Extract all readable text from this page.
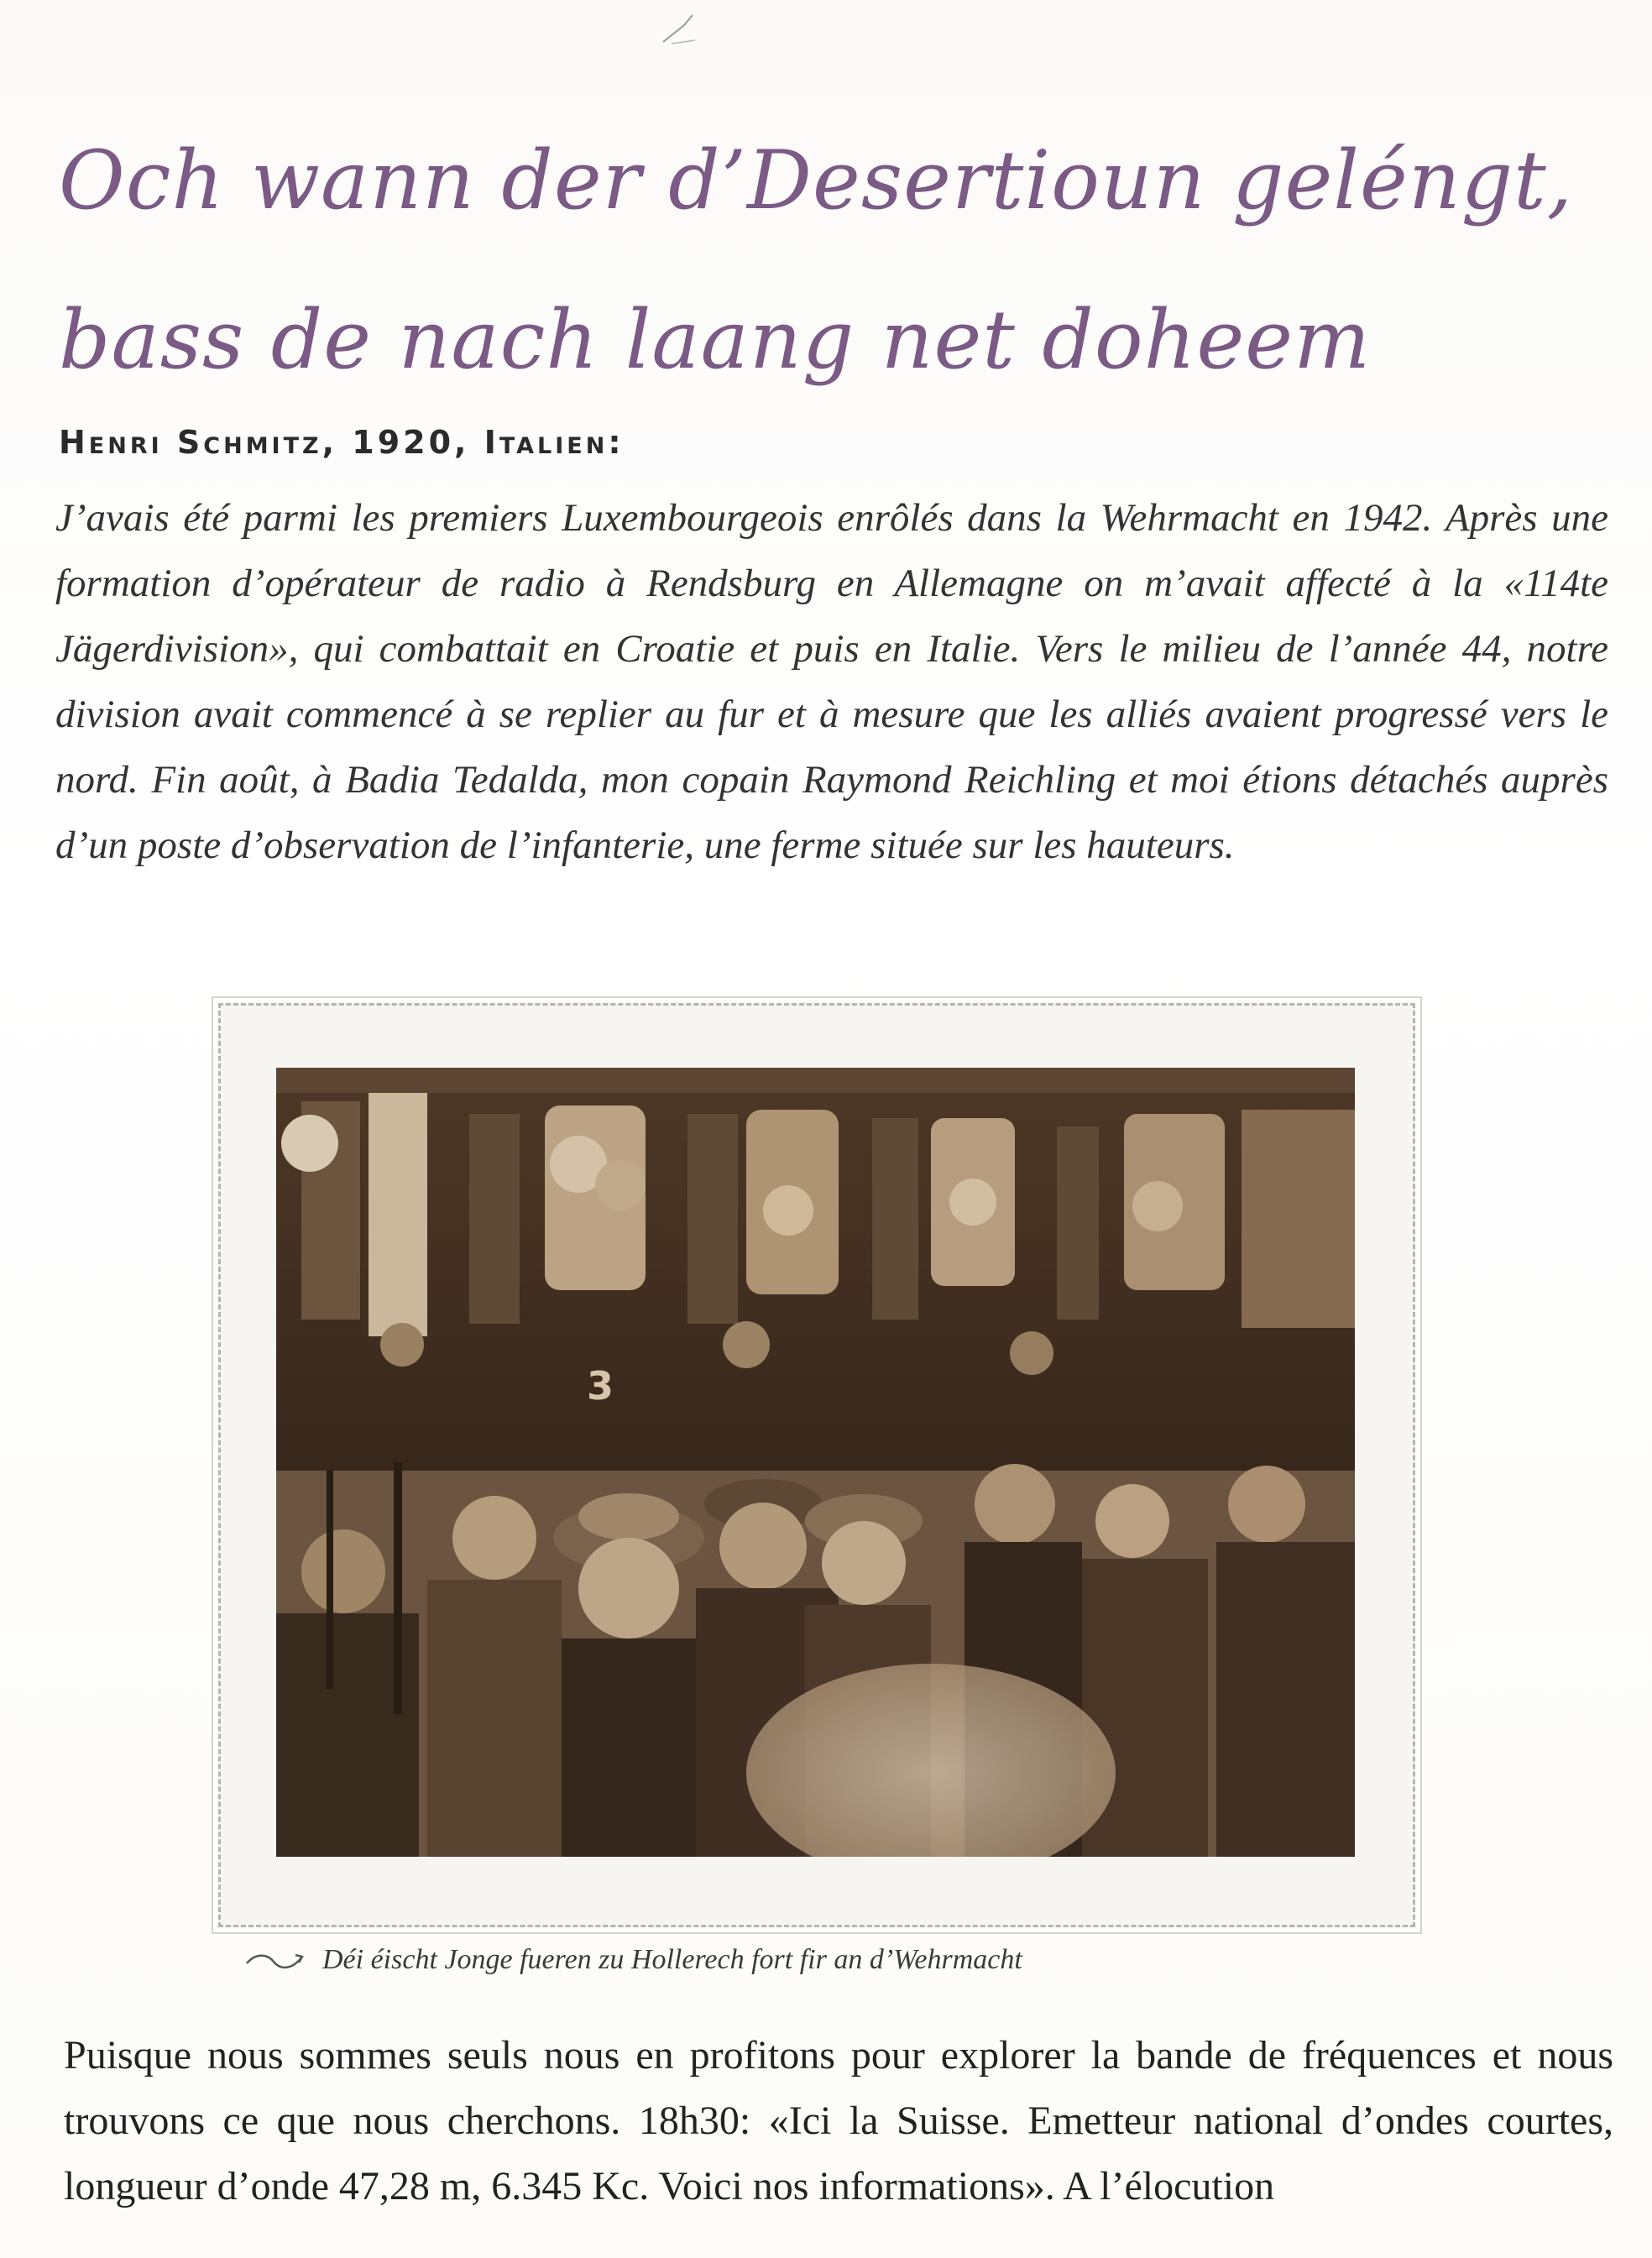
Och wann der d’Desertioun geléngt, bass de nach laang net doheem
Henri Schmitz, 1920, Italien:

J’avais été parmi les premiers Luxembourgeois enrôlés dans la Wehrmacht en 1942. Après une formation d’opérateur de radio à Rendsburg en Allemagne on m’avait affecté à la «114te Jägerdivision», qui combattait en Croatie et puis en Italie. Vers le milieu de l’année 44, notre division avait commencé à se replier au fur et à mesure que les alliés avaient progressé vers le nord. Fin août, à Badia Tedalda, mon copain Raymond Reichling et moi étions détachés auprès d’un poste d’observation de l’infanterie, une ferme située sur les hauteurs.

3

Déi éischt Jonge fueren zu Hollerech fort fir an d’Wehrmacht

Puisque nous sommes seuls nous en profitons pour explorer la bande de fréquences et nous trouvons ce que nous cherchons. 18h30: «Ici la Suisse. Emetteur national d’ondes courtes, longueur d’onde 47,28 m, 6.345 Kc. Voici nos informations». A l’élocution
